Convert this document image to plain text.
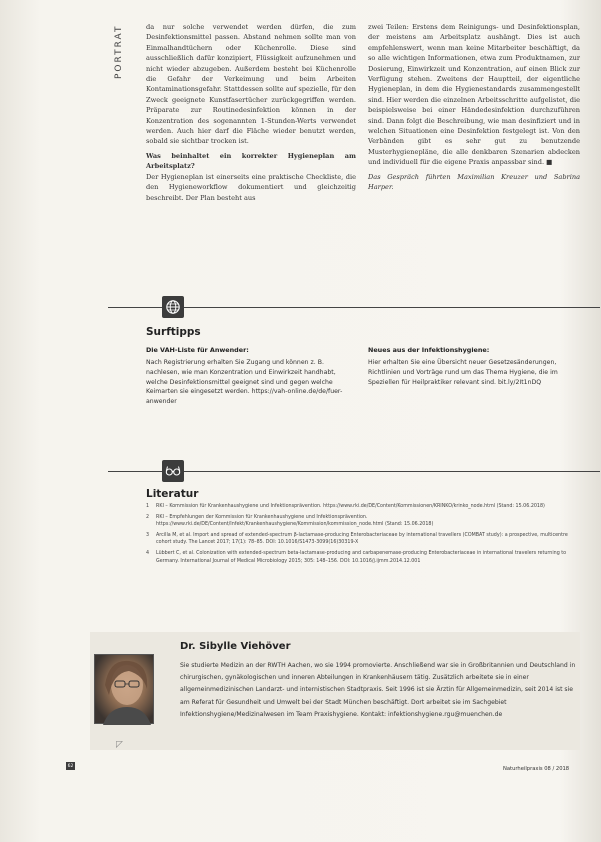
PORTRAT	da nur solche verwendet werden dürfen, die zum Desinfektionsmittel passen. Abstand nehmen sollte man von Einmalhandtüchern oder Küchenrolle. Diese sind ausschließlich dafür konzipiert, Flüssigkeit aufzunehmen und nicht wieder abzugeben. Außerdem besteht bei Küchenrolle die Gefahr der Verkeimung und beim Arbeiten Kontaminationsgefahr. Stattdessen sollte auf spezielle, für den Zweck geeignete Kunstfasertücher zurückgegriffen werden. Präparate zur Routinedesinfektion können in der Konzentration des sogenannten 1-Stunden-Werts verwendet werden. Auch hier darf die Fläche wieder benutzt werden, sobald sie sichtbar trocken ist.

Was beinhaltet ein korrekter Hygieneplan am Arbeitsplatz?

Der Hygieneplan ist einerseits eine praktische Checkliste, die den Hygieneworkflow dokumentiert und gleichzeitig beschreibt. Der Plan besteht aus

zwei Teilen: Erstens dem Reinigungs- und Desinfektionsplan, der meistens am Arbeitsplatz aushängt. Dies ist auch empfehlenswert, wenn man keine Mitarbeiter beschäftigt, da so alle wichtigen Informationen, etwa zum Produktnamen, zur Dosierung, Einwirkzeit und Konzentration, auf einen Blick zur Verfügung stehen. Zweitens der Hauptteil, der eigentliche Hygieneplan, in dem die Hygienestandards zusammengestellt sind. Hier werden die einzelnen Arbeitsschritte aufgelistet, die beispielsweise bei einer Händedesinfektion durchzuführen sind. Dann folgt die Beschreibung, wie man desinfiziert und in welchen Situationen eine Desinfektion festgelegt ist. Von den Verbänden gibt es sehr gut zu benutzende Musterhygienepläne, die alle denkbaren Szenarien abdecken und individuell für die eigene Praxis anpassbar sind. ■

Das Gespräch führten Maximilian Kreuzer und Sabrina Harper.

Surftipps
Die VAH-Liste für Anwender:

Nach Registrierung erhalten Sie Zugang und können z. B. nachlesen, wie man Konzentration und Einwirkzeit handhabt, welche Desinfektionsmittel geeignet sind und gegen welche Keimarten sie eingesetzt werden. https://vah-online.de/de/fuer-anwender

Neues aus der Infektionshygiene:

Hier erhalten Sie eine Übersicht neuer Gesetzesänderungen, Richtlinien und Vorträge rund um das Thema Hygiene, die im Speziellen für Heilpraktiker relevant sind. bit.ly/2It1nDQ

Literatur
1	RKI – Kommission für Krankenhaushygiene und Infektionsprävention. https://www.rki.de/DE/Content/Kommissionen/KRINKO/krinko_node.html (Stand: 15.06.2018)
2	RKI – Empfehlungen der Kommission für Krankenhaushygiene und Infektionsprävention. https://www.rki.de/DE/Content/Infekt/Krankenhaushygiene/Kommission/kommission_node.html (Stand: 15.06.2018)
3	Arcilla M, et al. Import and spread of extended-spectrum β-lactamase-producing Enterobacteriaceae by international travellers (COMBAT study): a prospective, multicentre cohort study. The Lancet 2017; 17(1): 78–85. DOI: 10.1016/S1473-3099(16)30319-X
4	Lübbert C, et al. Colonization with extended-spectrum beta-lactamase-producing and carbapenemase-producing Enterobacteriaceae in international travelers returning to Germany. International Journal of Medical Microbiology 2015; 305: 148–156. DOI: 10.1016/j.ijmm.2014.12.001
Dr. Sibylle Viehöver

Sie studierte Medizin an der RWTH Aachen, wo sie 1994 promovierte. Anschließend war sie in Großbritannien und Deutschland in chirurgischen, gynäkologischen und inneren Abteilungen in Krankenhäusern tätig. Zusätzlich arbeitete sie in einer allgemeinmedizinischen Landarzt- und internistischen Stadtpraxis. Seit 1996 ist sie Ärztin für Allgemeinmedizin, seit 2014 ist sie am Referat für Gesundheit und Umwelt bei der Stadt München beschäftigt. Dort arbeitet sie im Sachgebiet Infektionshygiene/Medizinalwesen im Team Praxishygiene. Kontakt: infektionshygiene.rgu@muenchen.de

◸
62	Naturheilpraxis 08 / 2018
